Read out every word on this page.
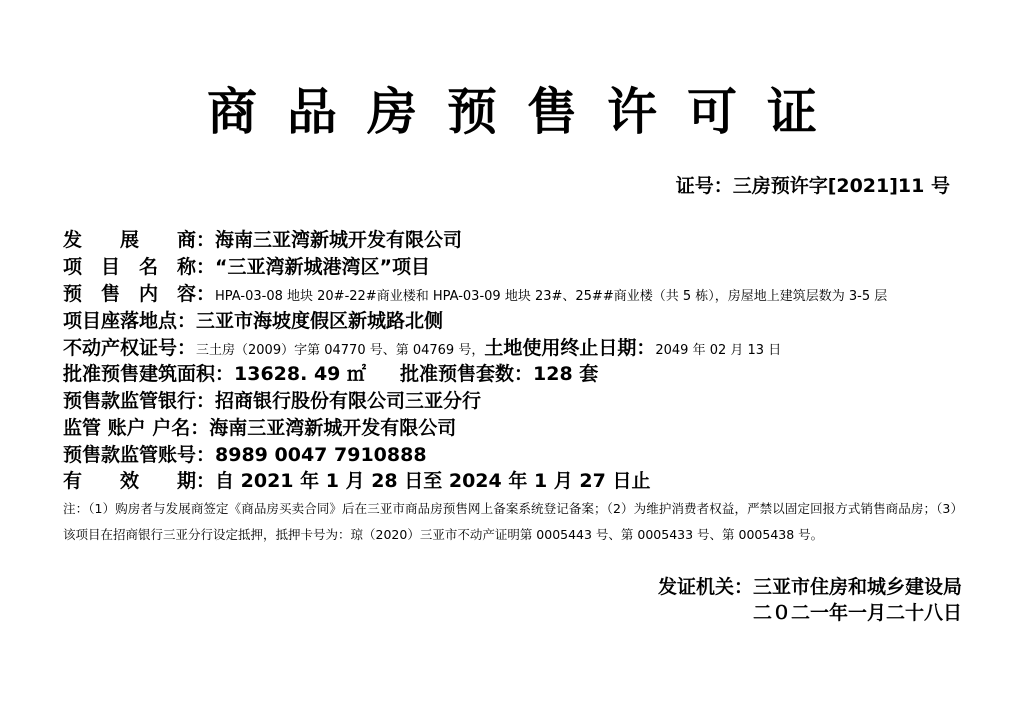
商品房预售许可证
证号：三房预许字[2021]11 号
发　　展　　商：海南三亚湾新城开发有限公司
项　目　名　称：“三亚湾新城港湾区”项目
预　售　内　容：HPA-03-08 地块 20#-22#商业楼和 HPA-03-09 地块 23#、25##商业楼（共 5 栋），房屋地上建筑层数为 3-5 层
项目座落地点：三亚市海坡度假区新城路北侧
不动产权证号：三土房（2009）字第 04770 号、第 04769 号，土地使用终止日期：2049 年 02 月 13 日
批准预售建筑面积：13628. 49 ㎡ 批准预售套数：128 套
预售款监管银行：招商银行股份有限公司三亚分行
监管 账户 户名：海南三亚湾新城开发有限公司
预售款监管账号：8989 0047 7910888
有　　效　　期：自 2021 年 1 月 28 日至 2024 年 1 月 27 日止
注：（1）购房者与发展商签定《商品房买卖合同》后在三亚市商品房预售网上备案系统登记备案；（2）为维护消费者权益，严禁以固定回报方式销售商品房；（3）该项目在招商银行三亚分行设定抵押，抵押卡号为：琼（2020）三亚市不动产证明第 0005443 号、第 0005433 号、第 0005438 号。
发证机关：三亚市住房和城乡建设局
二０二一年一月二十八日
